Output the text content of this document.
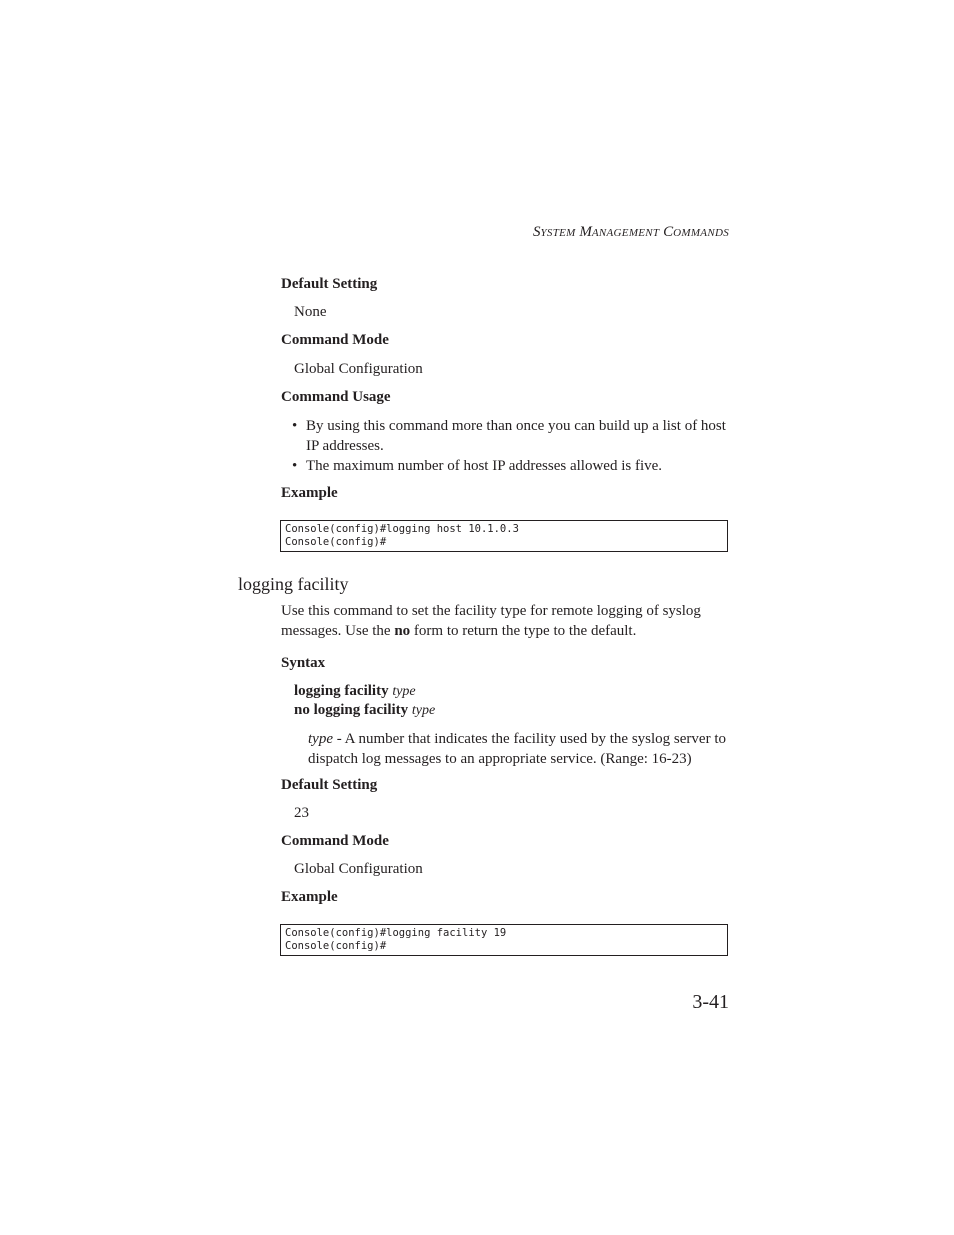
SYSTEM MANAGEMENT COMMANDS
Default Setting
None
Command Mode
Global Configuration
Command Usage
• By using this command more than once you can build up a list of host IP addresses.
• The maximum number of host IP addresses allowed is five.
Example
Console(config)#logging host 10.1.0.3
Console(config)#
logging facility
Use this command to set the facility type for remote logging of syslog messages. Use the no form to return the type to the default.
Syntax
logging facility type
no logging facility type
type - A number that indicates the facility used by the syslog server to dispatch log messages to an appropriate service. (Range: 16-23)
Default Setting
23
Command Mode
Global Configuration
Example
Console(config)#logging facility 19
Console(config)#
3-41
